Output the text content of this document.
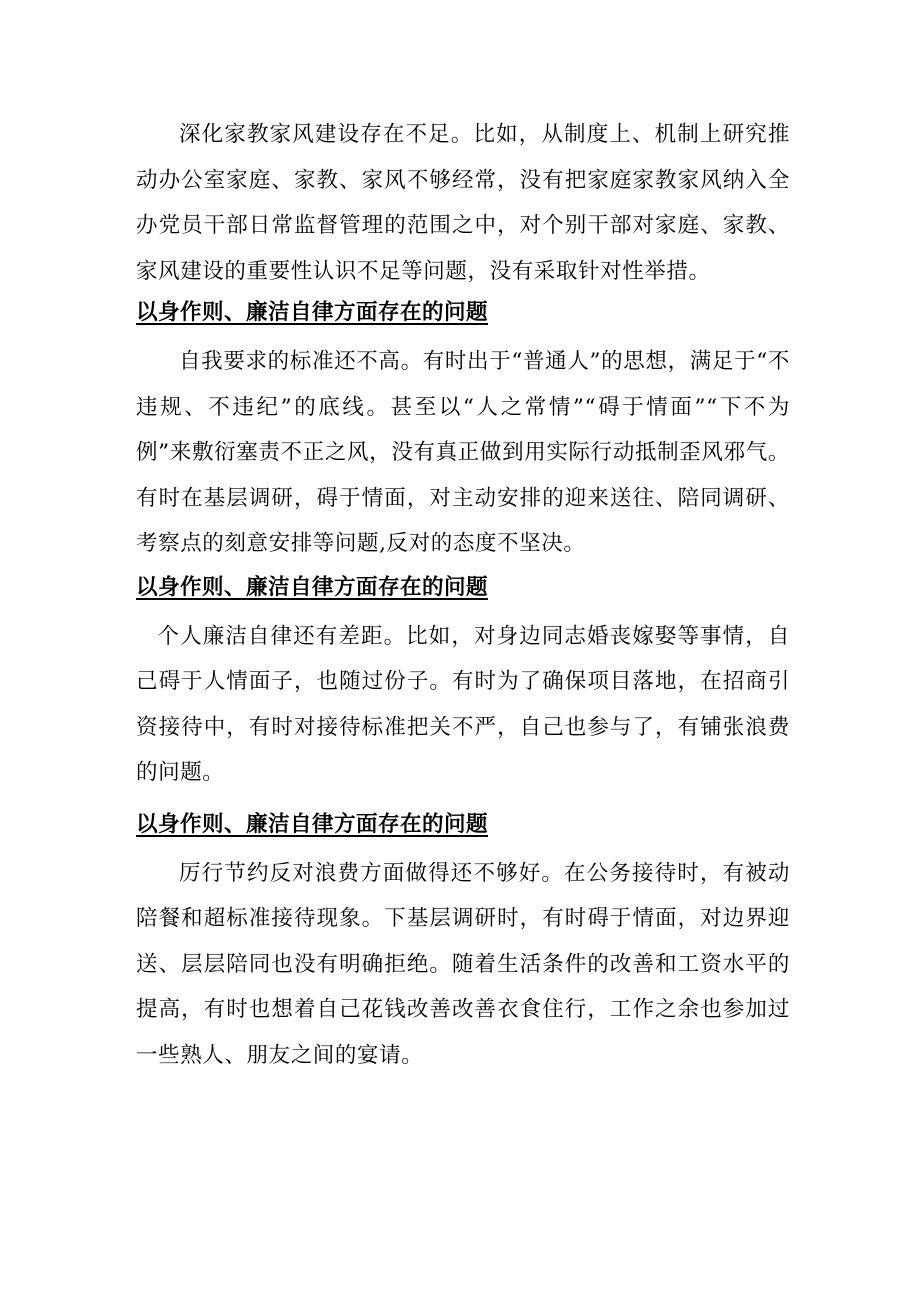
深化家教家风建设存在不足。比如，从制度上、机制上研究推动办公室家庭、家教、家风不够经常，没有把家庭家教家风纳入全办党员干部日常监督管理的范围之中，对个别干部对家庭、家教、家风建设的重要性认识不足等问题，没有采取针对性举措。

以身作则、廉洁自律方面存在的问题

自我要求的标准还不高。有时出于“普通人”的思想，满足于“不违规、不违纪”的底线。甚至以“人之常情”“碍于情面”“下不为例”来敷衍塞责不正之风，没有真正做到用实际行动抵制歪风邪气。有时在基层调研，碍于情面，对主动安排的迎来送往、陪同调研、考察点的刻意安排等问题,反对的态度不坚决。

以身作则、廉洁自律方面存在的问题

个人廉洁自律还有差距。比如，对身边同志婚丧嫁娶等事情，自己碍于人情面子，也随过份子。有时为了确保项目落地，在招商引资接待中，有时对接待标准把关不严，自己也参与了，有铺张浪费的问题。

以身作则、廉洁自律方面存在的问题

厉行节约反对浪费方面做得还不够好。在公务接待时，有被动陪餐和超标准接待现象。下基层调研时，有时碍于情面，对边界迎送、层层陪同也没有明确拒绝。随着生活条件的改善和工资水平的提高，有时也想着自己花钱改善改善衣食住行，工作之余也参加过一些熟人、朋友之间的宴请。
